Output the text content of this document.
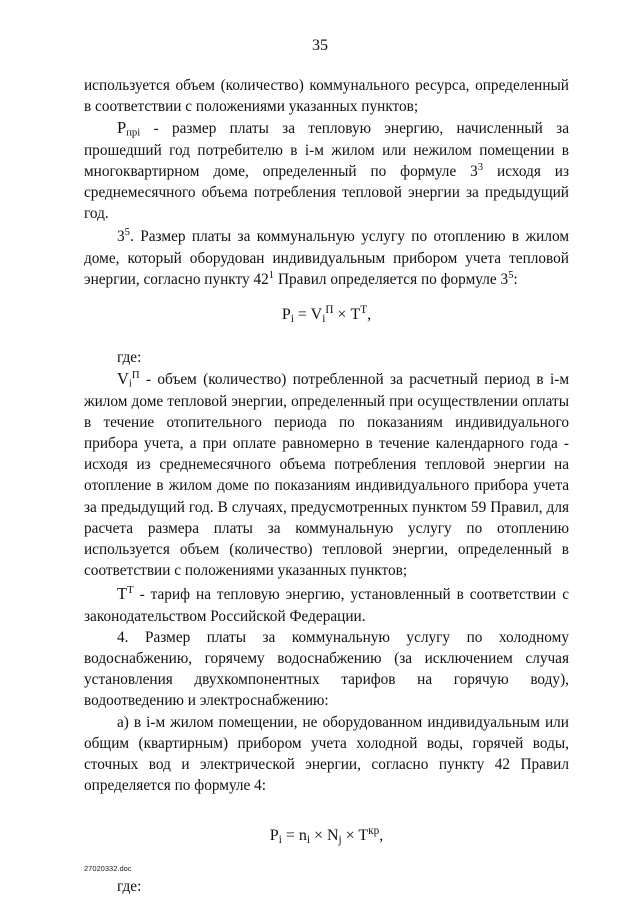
35

используется объем (количество) коммунального ресурса, определенный в соответствии с положениями указанных пунктов;

$P_{прi}$ - размер платы за тепловую энергию, начисленный за прошедший год потребителю в i-м жилом или нежилом помещении в многоквартирном доме, определенный по формуле $3^3$ исходя из среднемесячного объема потребления тепловой энергии за предыдущий год.

$3^5$. Размер платы за коммунальную услугу по отоплению в жилом доме, который оборудован индивидуальным прибором учета тепловой энергии, согласно пункту $42^1$ Правил определяется по формуле $3^5$:

$P_i = V_i^П \times T^Т$,

где:

$V_i^П$ - объем (количество) потребленной за расчетный период в i-м жилом доме тепловой энергии, определенный при осуществлении оплаты в течение отопительного периода по показаниям индивидуального прибора учета, а при оплате равномерно в течение календарного года - исходя из среднемесячного объема потребления тепловой энергии на отопление в жилом доме по показаниям индивидуального прибора учета за предыдущий год. В случаях, предусмотренных пунктом 59 Правил, для расчета размера платы за коммунальную услугу по отоплению используется объем (количество) тепловой энергии, определенный в соответствии с положениями указанных пунктов;

$T^Т$ - тариф на тепловую энергию, установленный в соответствии с законодательством Российской Федерации.

4. Размер платы за коммунальную услугу по холодному водоснабжению, горячему водоснабжению (за исключением случая установления двухкомпонентных тарифов на горячую воду), водоотведению и электроснабжению:

а) в i-м жилом помещении, не оборудованном индивидуальным или общим (квартирным) прибором учета холодной воды, горячей воды, сточных вод и электрической энергии, согласно пункту 42 Правил определяется по формуле 4:

$P_i = n_i \times N_j \times T^{кр}$,

где:

27020332.doc
